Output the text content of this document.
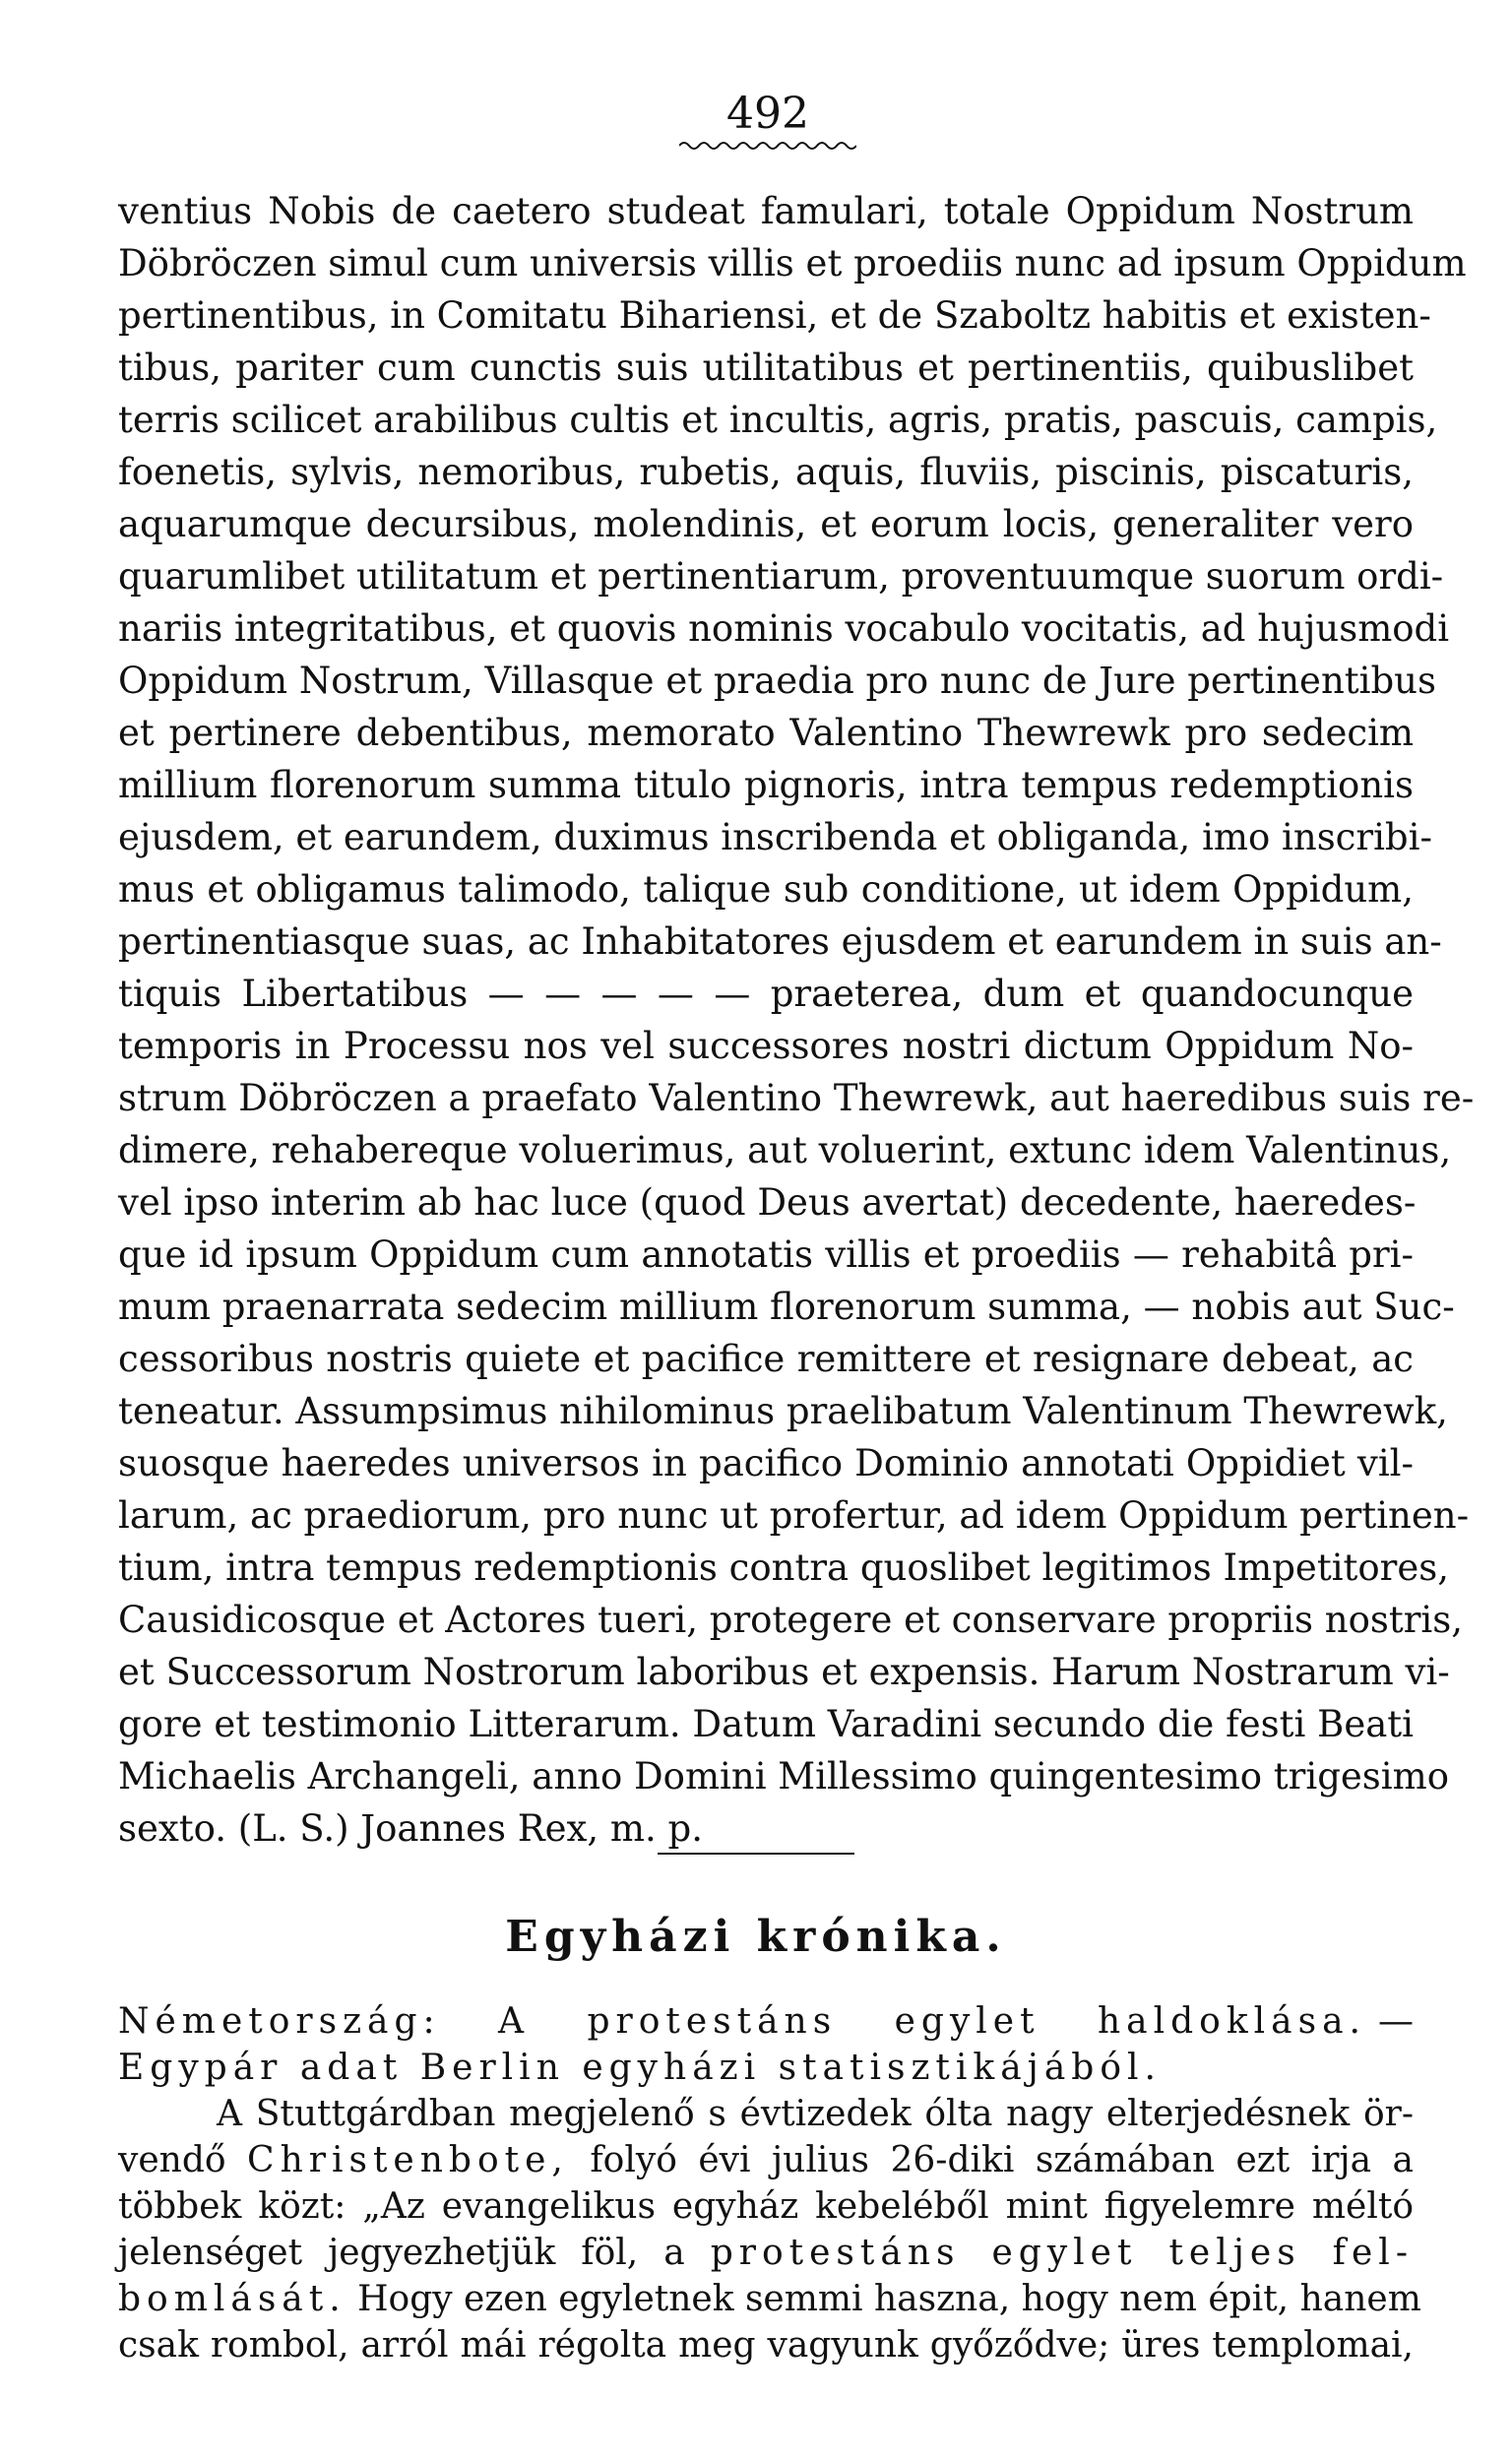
492
ventius Nobis de caetero studeat famulari, totale Oppidum Nostrum
Döbröczen simul cum universis villis et proediis nunc ad ipsum Oppidum
pertinentibus, in Comitatu Bihariensi, et de Szaboltz habitis et existen-
tibus, pariter cum cunctis suis utilitatibus et pertinentiis, quibuslibet
terris scilicet arabilibus cultis et incultis, agris, pratis, pascuis, campis,
foenetis, sylvis, nemoribus, rubetis, aquis, fluviis, piscinis, piscaturis,
aquarumque decursibus, molendinis, et eorum locis, generaliter vero
quarumlibet utilitatum et pertinentiarum, proventuumque suorum ordi-
nariis integritatibus, et quovis nominis vocabulo vocitatis, ad hujusmodi
Oppidum Nostrum, Villasque et praedia pro nunc de Jure pertinentibus
et pertinere debentibus, memorato Valentino Thewrewk pro sedecim
millium florenorum summa titulo pignoris, intra tempus redemptionis
ejusdem, et earundem, duximus inscribenda et obliganda, imo inscribi-
mus et obligamus talimodo, talique sub conditione, ut idem Oppidum,
pertinentiasque suas, ac Inhabitatores ejusdem et earundem in suis an-
tiquis Libertatibus — — — — — praeterea, dum et quandocunque
temporis in Processu nos vel successores nostri dictum Oppidum No-
strum Döbröczen a praefato Valentino Thewrewk, aut haeredibus suis re-
dimere, rehabereque voluerimus, aut voluerint, extunc idem Valentinus,
vel ipso interim ab hac luce (quod Deus avertat) decedente, haeredes-
que id ipsum Oppidum cum annotatis villis et proediis — rehabitâ pri-
mum praenarrata sedecim millium florenorum summa, — nobis aut Suc-
cessoribus nostris quiete et pacifice remittere et resignare debeat, ac
teneatur. Assumpsimus nihilominus praelibatum Valentinum Thewrewk,
suosque haeredes universos in pacifico Dominio annotati Oppidiet vil-
larum, ac praediorum, pro nunc ut profertur, ad idem Oppidum pertinen-
tium, intra tempus redemptionis contra quoslibet legitimos Impetitores,
Causidicosque et Actores tueri, protegere et conservare propriis nostris,
et Successorum Nostrorum laboribus et expensis. Harum Nostrarum vi-
gore et testimonio Litterarum. Datum Varadini secundo die festi Beati
Michaelis Archangeli, anno Domini Millessimo quingentesimo trigesimo
sexto. (L. S.) Joannes Rex, m. p.
Egyházi krónika.
Németország: A protestáns egylet haldoklása. —
Egypár adat Berlin egyházi statisztikájából.
A Stuttgárdban megjelenő s évtizedek ólta nagy elterjedésnek ör-
vendő Christenbote, folyó évi julius 26-diki számában ezt irja a
többek közt: „Az evangelikus egyház kebeléből mint figyelemre méltó
jelenséget jegyezhetjük föl, a protestáns egylet teljes fel-
bomlását. Hogy ezen egyletnek semmi haszna, hogy nem épit, hanem
csak rombol, arról mái régolta meg vagyunk győződve; üres templomai,
